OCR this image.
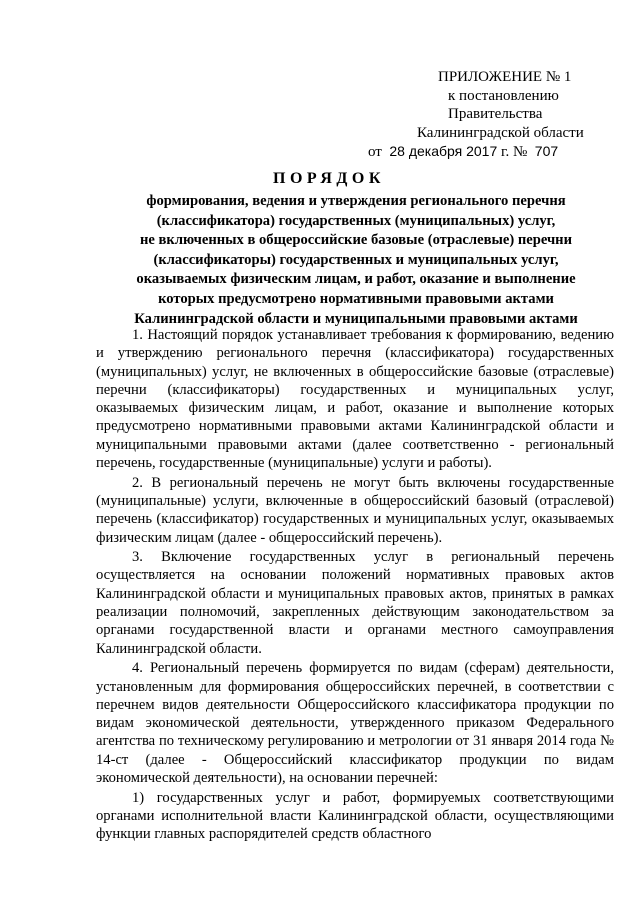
ПРИЛОЖЕНИЕ № 1
к постановлению
Правительства
Калининградской области
от 28 декабря 2017 г. № 707
ПОРЯДОК
формирования, ведения и утверждения регионального перечня
(классификатора) государственных (муниципальных) услуг,
не включенных в общероссийские базовые (отраслевые) перечни
(классификаторы) государственных и муниципальных услуг,
оказываемых физическим лицам, и работ, оказание и выполнение
которых предусмотрено нормативными правовыми актами
Калининградской области и муниципальными правовыми актами

1. Настоящий порядок устанавливает требования к формированию, ведению и утверждению регионального перечня (классификатора) государственных (муниципальных) услуг, не включенных в общероссийские базовые (отраслевые) перечни (классификаторы) государственных и муниципальных услуг, оказываемых физическим лицам, и работ, оказание и выполнение которых предусмотрено нормативными правовыми актами Калининградской области и муниципальными правовыми актами (далее соответственно - региональный перечень, государственные (муниципальные) услуги и работы).

2. В региональный перечень не могут быть включены государственные (муниципальные) услуги, включенные в общероссийский базовый (отраслевой) перечень (классификатор) государственных и муниципальных услуг, оказываемых физическим лицам (далее - общероссийский перечень).

3. Включение государственных услуг в региональный перечень осуществляется на основании положений нормативных правовых актов Калининградской области и муниципальных правовых актов, принятых в рамках реализации полномочий, закрепленных действующим законодательством за органами государственной власти и органами местного самоуправления Калининградской области.

4. Региональный перечень формируется по видам (сферам) деятельности, установленным для формирования общероссийских перечней, в соответствии с перечнем видов деятельности Общероссийского классификатора продукции по видам экономической деятельности, утвержденного приказом Федерального агентства по техническому регулированию и метрологии от 31 января 2014 года № 14-ст (далее - Общероссийский классификатор продукции по видам экономической деятельности), на основании перечней:

1) государственных услуг и работ, формируемых соответствующими органами исполнительной власти Калининградской области, осуществляющими функции главных распорядителей средств областного
